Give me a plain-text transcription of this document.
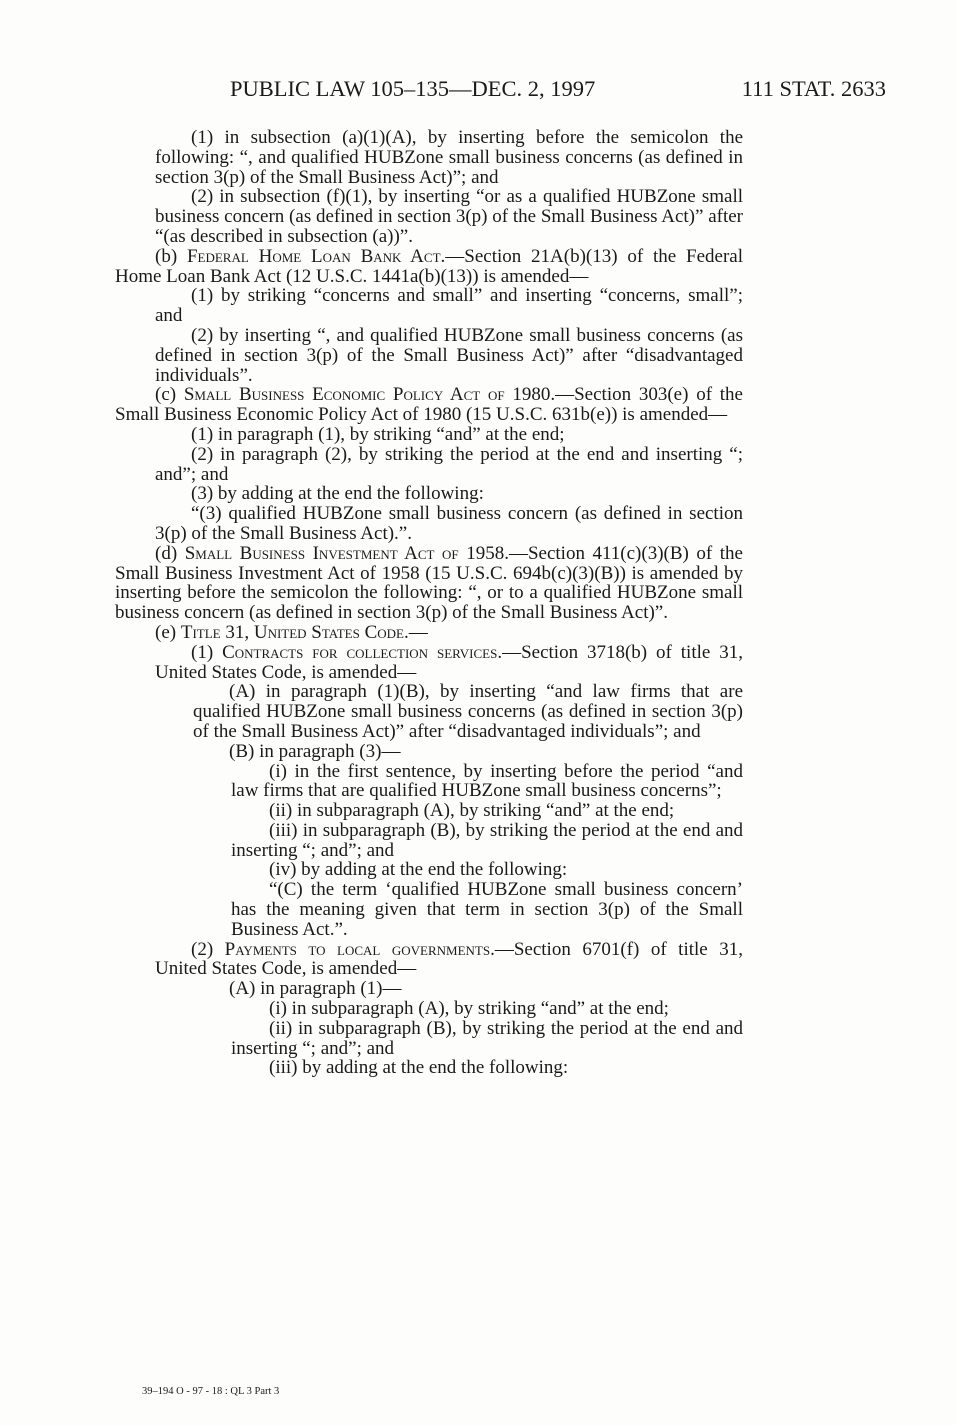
PUBLIC LAW 105–135—DEC. 2, 1997	111 STAT. 2633

(1) in subsection (a)(1)(A), by inserting before the semicolon the following: “, and qualified HUBZone small business concerns (as defined in section 3(p) of the Small Business Act)”; and

(2) in subsection (f)(1), by inserting “or as a qualified HUBZone small business concern (as defined in section 3(p) of the Small Business Act)” after “(as described in subsection (a))”.

(b) Federal Home Loan Bank Act.—Section 21A(b)(13) of the Federal Home Loan Bank Act (12 U.S.C. 1441a(b)(13)) is amended—

(1) by striking “concerns and small” and inserting “concerns, small”; and

(2) by inserting “, and qualified HUBZone small business concerns (as defined in section 3(p) of the Small Business Act)” after “disadvantaged individuals”.

(c) Small Business Economic Policy Act of 1980.—Section 303(e) of the Small Business Economic Policy Act of 1980 (15 U.S.C. 631b(e)) is amended—

(1) in paragraph (1), by striking “and” at the end;

(2) in paragraph (2), by striking the period at the end and inserting “; and”; and

(3) by adding at the end the following:

“(3) qualified HUBZone small business concern (as defined in section 3(p) of the Small Business Act).”.

(d) Small Business Investment Act of 1958.—Section 411(c)(3)(B) of the Small Business Investment Act of 1958 (15 U.S.C. 694b(c)(3)(B)) is amended by inserting before the semicolon the following: “, or to a qualified HUBZone small business concern (as defined in section 3(p) of the Small Business Act)”.

(e) Title 31, United States Code.—

(1) Contracts for collection services.—Section 3718(b) of title 31, United States Code, is amended—

(A) in paragraph (1)(B), by inserting “and law firms that are qualified HUBZone small business concerns (as defined in section 3(p) of the Small Business Act)” after “disadvantaged individuals”; and

(B) in paragraph (3)—

(i) in the first sentence, by inserting before the period “and law firms that are qualified HUBZone small business concerns”;

(ii) in subparagraph (A), by striking “and” at the end;

(iii) in subparagraph (B), by striking the period at the end and inserting “; and”; and

(iv) by adding at the end the following:

“(C) the term ‘qualified HUBZone small business concern’ has the meaning given that term in section 3(p) of the Small Business Act.”.

(2) Payments to local governments.—Section 6701(f) of title 31, United States Code, is amended—

(A) in paragraph (1)—

(i) in subparagraph (A), by striking “and” at the end;

(ii) in subparagraph (B), by striking the period at the end and inserting “; and”; and

(iii) by adding at the end the following:

39–194 O - 97 - 18 : QL 3 Part 3
